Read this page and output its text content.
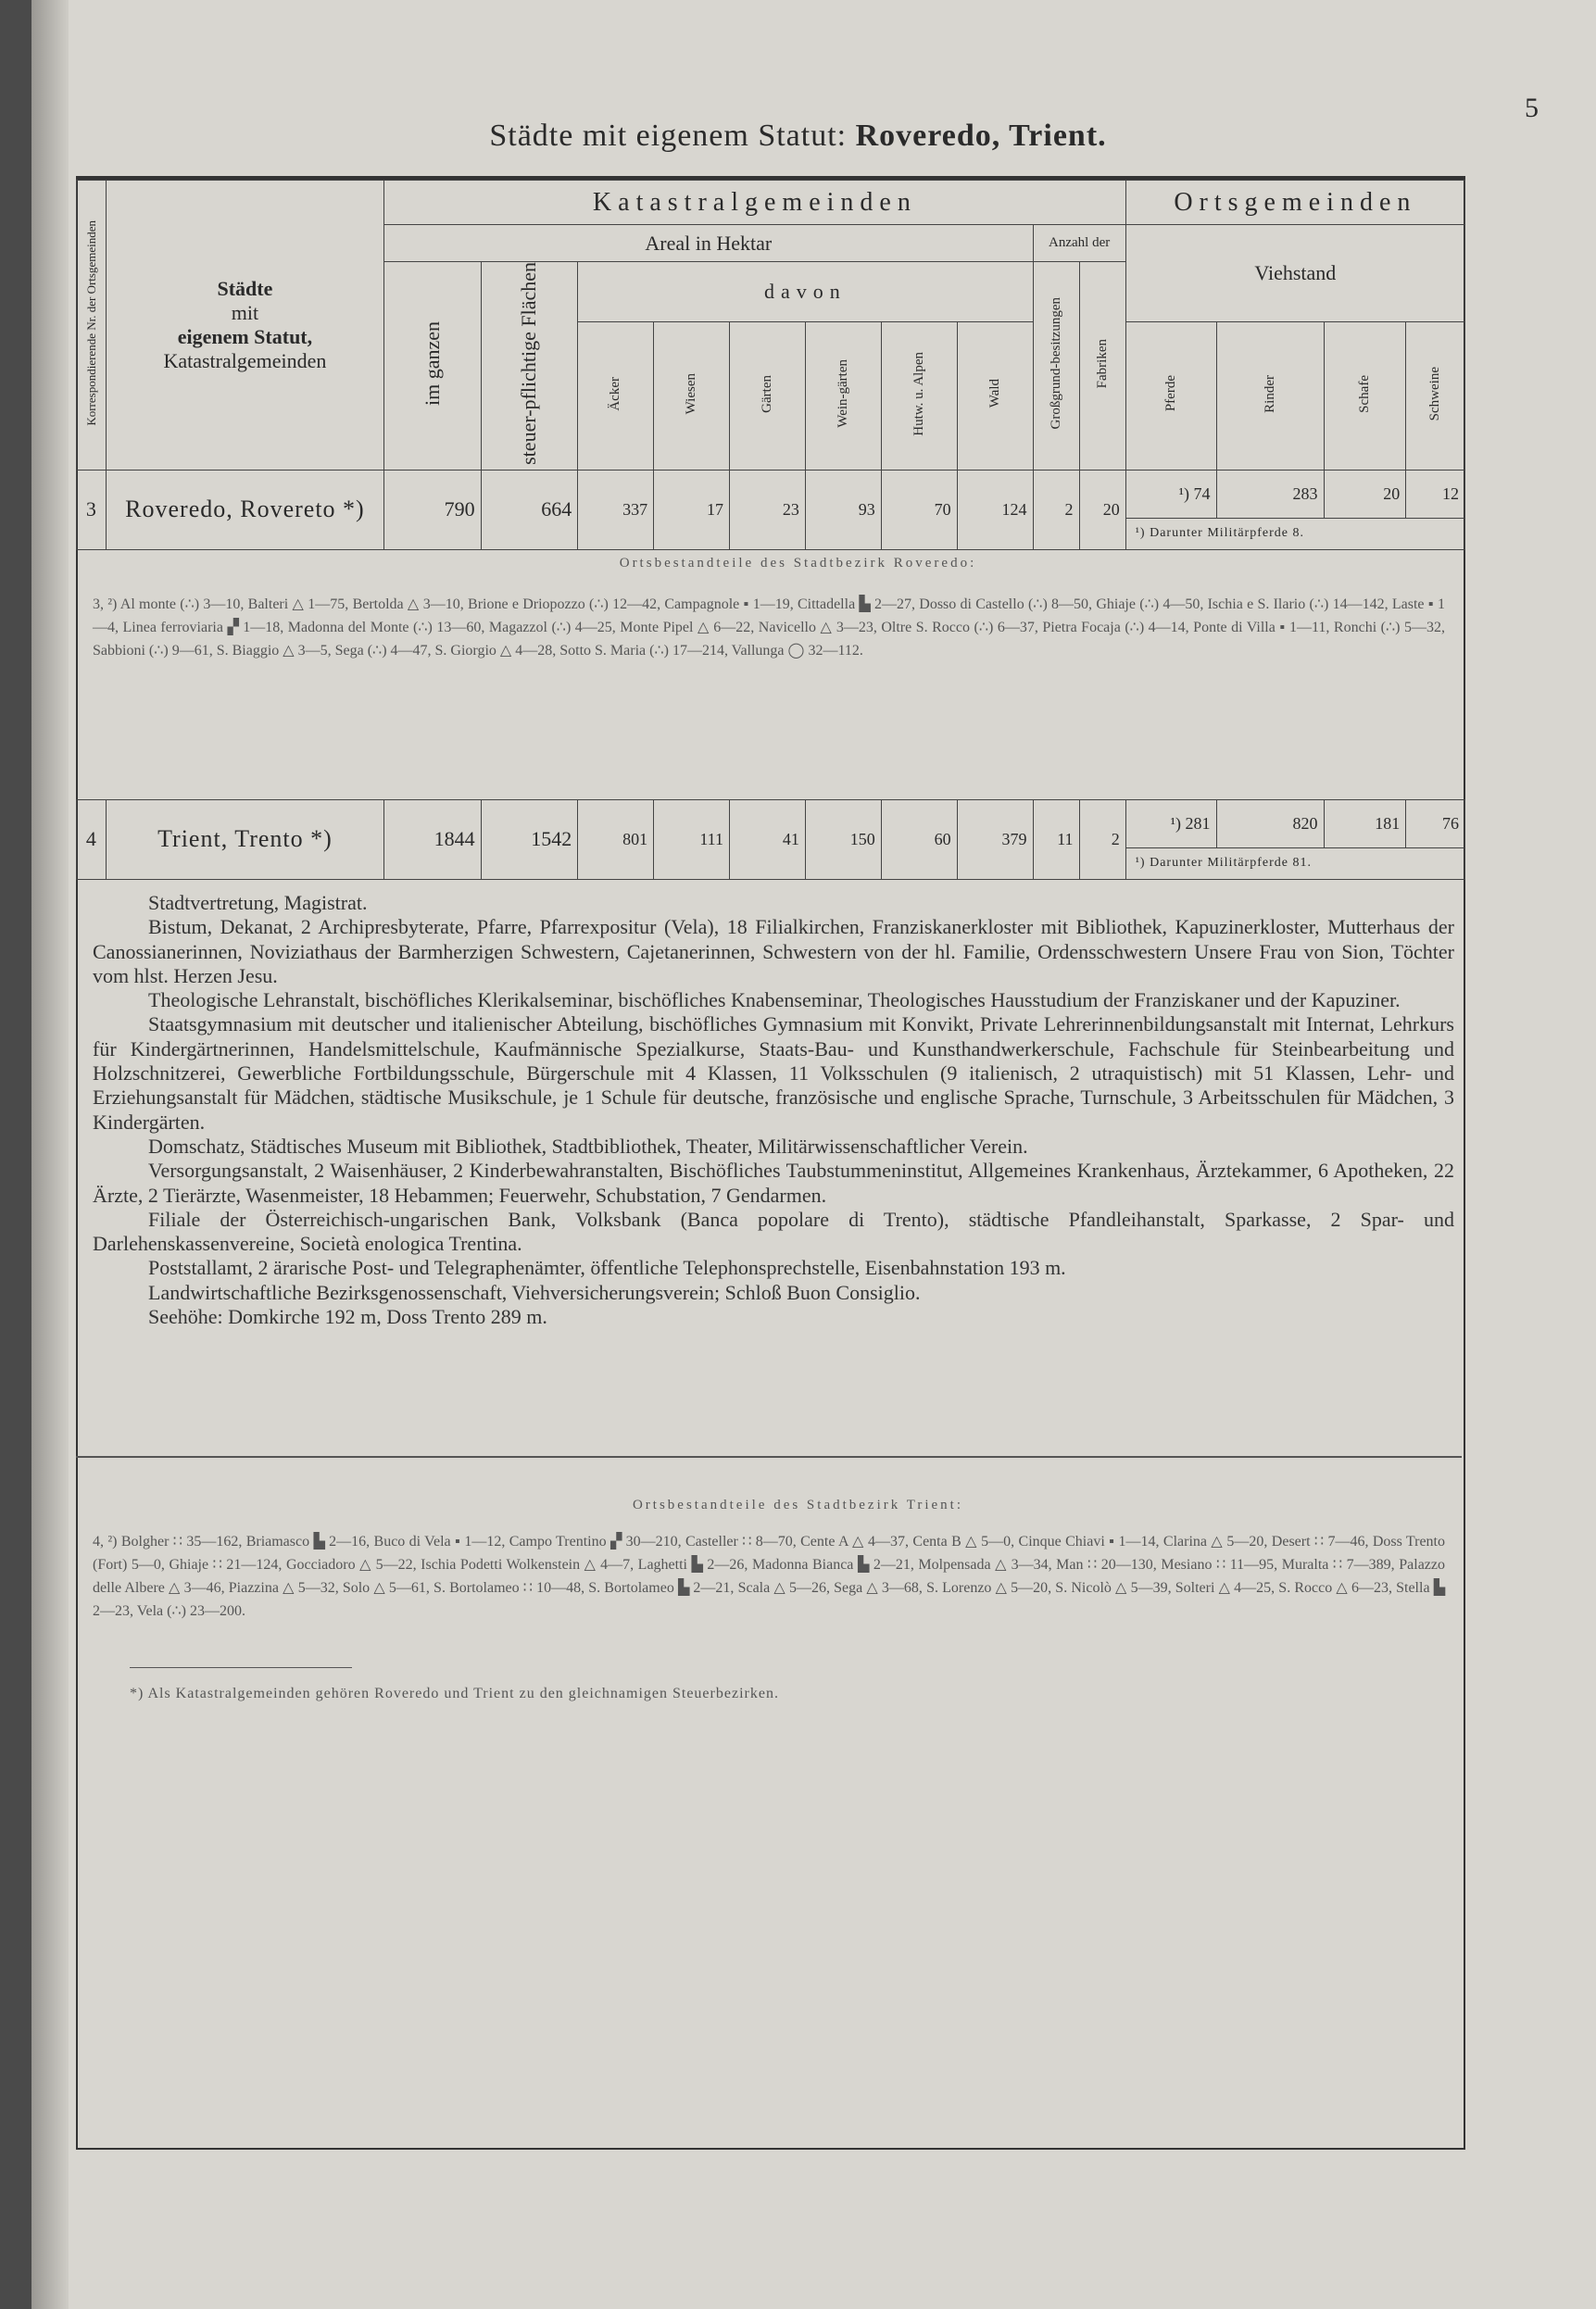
5
Städte mit eigenem Statut: Roveredo, Trient.
Korrespondierende Nr. der Ortsgemeinden	Städte
mit
eigenem Statut,
Katastralgemeinden	Katastralgemeinden										Ortsgemeinden			
		Areal in Hektar								Anzahl der		Viehstand			
		im ganzen	steuer-pflichtige Flächen	davon						Großgrund-besitzungen	Fabriken				
				Äcker	Wiesen	Gärten	Wein-gärten	Hutw. u. Alpen	Wald			Pferde	Rinder	Schafe	Schweine
3	Roveredo, Rovereto *)	790	664	337	17	23	93	70	124	2	20	¹) 74	283	20	12
												¹) Darunter Militärpferde 8.			

4	Trient, Trento *)	1844	1542	801	111	41	150	60	379	11	2	¹) 281	820	181	76
												¹) Darunter Militärpferde 81.			
Ortsbestandteile des Stadtbezirk Roveredo:
3, ²) Al monte (∴) 3—10, Balteri △ 1—75, Bertolda △ 3—10, Brione e Driopozzo (∴) 12—42, Campagnole ▪ 1—19, Cittadella ▙ 2—27, Dosso di Castello (∴) 8—50, Ghiaje (∴) 4—50, Ischia e S. Ilario (∴) 14—142, Laste ▪ 1—4, Linea ferroviaria ▞ 1—18, Madonna del Monte (∴) 13—60, Magazzol (∴) 4—25, Monte Pipel △ 6—22, Navicello △ 3—23, Oltre S. Rocco (∴) 6—37, Pietra Focaja (∴) 4—14, Ponte di Villa ▪ 1—11, Ronchi (∴) 5—32, Sabbioni (∴) 9—61, S. Biaggio △ 3—5, Sega (∴) 4—47, S. Giorgio △ 4—28, Sotto S. Maria (∴) 17—214, Vallunga ◯ 32—112.

Stadtvertretung, Magistrat.

Bistum, Dekanat, 2 Archipresbyterate, Pfarre, Pfarrexpositur (Vela), 18 Filialkirchen, Franziskanerkloster mit Bibliothek, Kapuzinerkloster, Mutterhaus der Canossianerinnen, Noviziathaus der Barmherzigen Schwestern, Cajetanerinnen, Schwestern von der hl. Familie, Ordensschwestern Unsere Frau von Sion, Töchter vom hlst. Herzen Jesu.

Theologische Lehranstalt, bischöfliches Klerikalseminar, bischöfliches Knabenseminar, Theologisches Hausstudium der Franziskaner und der Kapuziner.

Staatsgymnasium mit deutscher und italienischer Abteilung, bischöfliches Gymnasium mit Konvikt, Private Lehrerinnenbildungsanstalt mit Internat, Lehrkurs für Kindergärtnerinnen, Handelsmittelschule, Kaufmännische Spezialkurse, Staats-Bau- und Kunsthandwerkerschule, Fachschule für Steinbearbeitung und Holzschnitzerei, Gewerbliche Fortbildungsschule, Bürgerschule mit 4 Klassen, 11 Volksschulen (9 italienisch, 2 utraquistisch) mit 51 Klassen, Lehr- und Erziehungsanstalt für Mädchen, städtische Musikschule, je 1 Schule für deutsche, französische und englische Sprache, Turnschule, 3 Arbeitsschulen für Mädchen, 3 Kindergärten.

Domschatz, Städtisches Museum mit Bibliothek, Stadtbibliothek, Theater, Militärwissenschaftlicher Verein.

Versorgungsanstalt, 2 Waisenhäuser, 2 Kinderbewahranstalten, Bischöfliches Taubstummeninstitut, Allgemeines Krankenhaus, Ärztekammer, 6 Apotheken, 22 Ärzte, 2 Tierärzte, Wasenmeister, 18 Hebammen; Feuerwehr, Schubstation, 7 Gendarmen.

Filiale der Österreichisch-ungarischen Bank, Volksbank (Banca popolare di Trento), städtische Pfandleihanstalt, Sparkasse, 2 Spar- und Darlehenskassenvereine, Società enologica Trentina.

Poststallamt, 2 ärarische Post- und Telegraphenämter, öffentliche Telephonsprechstelle, Eisenbahnstation 193 m.

Landwirtschaftliche Bezirksgenossenschaft, Viehversicherungsverein; Schloß Buon Consiglio.

Seehöhe: Domkirche 192 m, Doss Trento 289 m.

Ortsbestandteile des Stadtbezirk Trient:
4, ²) Bolgher ∷ 35—162, Briamasco ▙ 2—16, Buco di Vela ▪ 1—12, Campo Trentino ▞ 30—210, Casteller ∷ 8—70, Cente A △ 4—37, Centa B △ 5—0, Cinque Chiavi ▪ 1—14, Clarina △ 5—20, Desert ∷ 7—46, Doss Trento (Fort) 5—0, Ghiaje ∷ 21—124, Gocciadoro △ 5—22, Ischia Podetti Wolkenstein △ 4—7, Laghetti ▙ 2—26, Madonna Bianca ▙ 2—21, Molpensada △ 3—34, Man ∷ 20—130, Mesiano ∷ 11—95, Muralta ∷ 7—389, Palazzo delle Albere △ 3—46, Piazzina △ 5—32, Solo △ 5—61, S. Bortolameo ∷ 10—48, S. Bortolameo ▙ 2—21, Scala △ 5—26, Sega △ 3—68, S. Lorenzo △ 5—20, S. Nicolò △ 5—39, Solteri △ 4—25, S. Rocco △ 6—23, Stella ▙ 2—23, Vela (∴) 23—200.
*) Als Katastralgemeinden gehören Roveredo und Trient zu den gleichnamigen Steuerbezirken.
